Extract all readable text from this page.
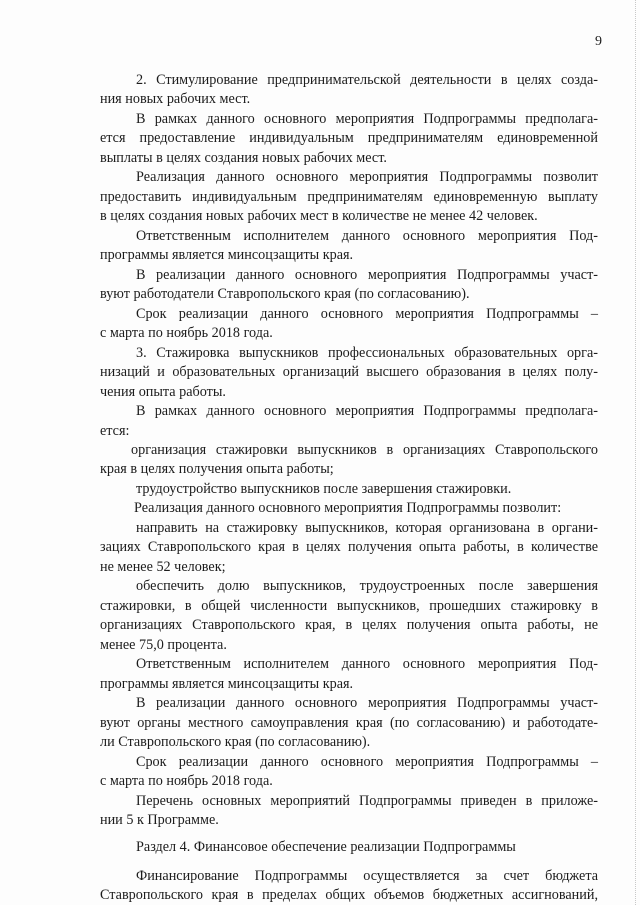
9
2. Стимулирование предпринимательской деятельности в целях созда-
ния новых рабочих мест.
В рамках данного основного мероприятия Подпрограммы предполага-
ется предоставление индивидуальным предпринимателям единовременной
выплаты в целях создания новых рабочих мест.
Реализация данного основного мероприятия Подпрограммы позволит
предоставить индивидуальным предпринимателям единовременную выплату
в целях создания новых рабочих мест в количестве не менее 42 человек.
Ответственным исполнителем данного основного мероприятия Под-
программы является минсоцзащиты края.
В реализации данного основного мероприятия Подпрограммы участ-
вуют работодатели Ставропольского края (по согласованию).
Срок реализации данного основного мероприятия Подпрограммы –
с марта по ноябрь 2018 года.
3. Стажировка выпускников профессиональных образовательных орга-
низаций и образовательных организаций высшего образования в целях полу-
чения опыта работы.
В рамках данного основного мероприятия Подпрограммы предполага-
ется:
организация стажировки выпускников в организациях Ставропольского
края в целях получения опыта работы;
трудоустройство выпускников после завершения стажировки.
Реализация данного основного мероприятия Подпрограммы позволит:
направить на стажировку выпускников, которая организована в органи-
зациях Ставропольского края в целях получения опыта работы, в количестве
не менее 52 человек;
обеспечить долю выпускников, трудоустроенных после завершения
стажировки, в общей численности выпускников, прошедших стажировку в
организациях Ставропольского края, в целях получения опыта работы, не
менее 75,0 процента.
Ответственным исполнителем данного основного мероприятия Под-
программы является минсоцзащиты края.
В реализации данного основного мероприятия Подпрограммы участ-
вуют органы местного самоуправления края (по согласованию) и работодате-
ли Ставропольского края (по согласованию).
Срок реализации данного основного мероприятия Подпрограммы –
с марта по ноябрь 2018 года.
Перечень основных мероприятий Подпрограммы приведен в приложе-
нии 5 к Программе.
Раздел 4. Финансовое обеспечение реализации Подпрограммы
Финансирование Подпрограммы осуществляется за счет бюджета
Ставропольского края в пределах общих объемов бюджетных ассигнований,
